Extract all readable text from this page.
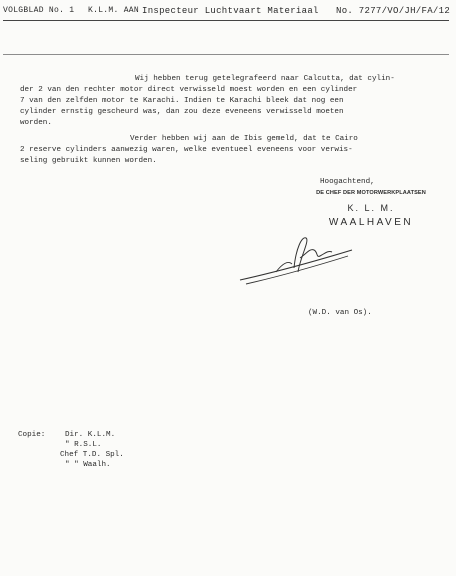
VOLGBLAD No. 1 K.L.M. AAN Inspecteur Luchtvaart Materiaal No. 7277/VO/JH/FA/12
Wij hebben terug getelegrafeerd naar Calcutta, dat cylin-
der 2 van den rechter motor direct verwisseld moest worden en een cylinder
7 van den zelfden motor te Karachi. Indien te Karachi bleek dat nog een
cylinder ernstig gescheurd was, dan zou deze eveneens verwisseld moeten
worden.
Verder hebben wij aan de Ibis gemeld, dat te Cairo
2 reserve cylinders aanwezig waren, welke eventueel eveneens voor verwis-
seling gebruikt kunnen worden.
Hoogachtend,
DE CHEF DER MOTORWERKPLAATSEN
K. L. M.
WAALHAVEN
(W.D. van Os).
Copie:	Dir. K.L.M.
" R.S.L.
Chef T.D. Spl.
" " Waalh.
